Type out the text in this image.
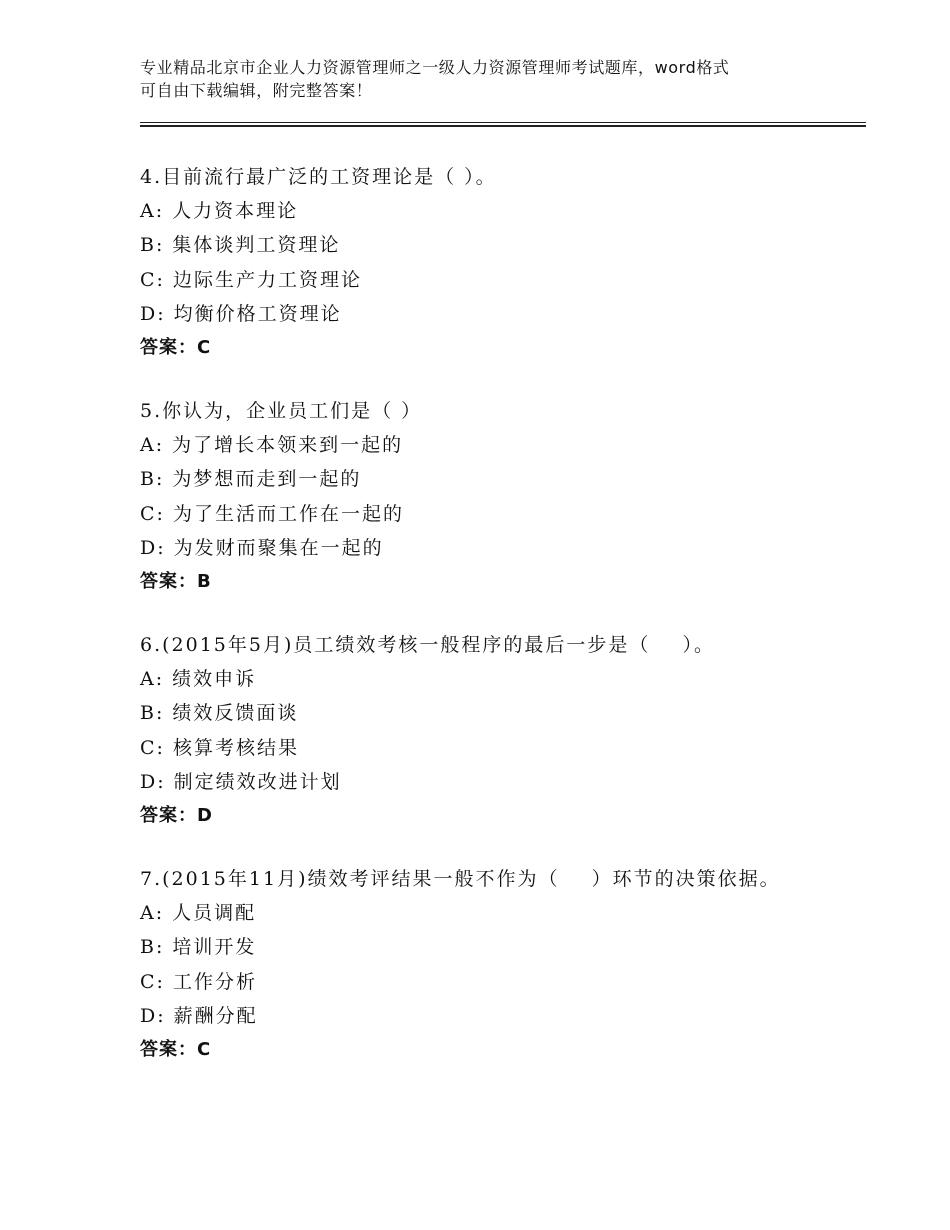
专业精品北京市企业人力资源管理师之一级人力资源管理师考试题库，word格式
可自由下载编辑，附完整答案！
4.目前流行最广泛的工资理论是（ ）。
A: 人力资本理论
B: 集体谈判工资理论
C: 边际生产力工资理论
D: 均衡价格工资理论
答案：C
5.你认为，企业员工们是（ ）
A: 为了增长本领来到一起的
B: 为梦想而走到一起的
C: 为了生活而工作在一起的
D: 为发财而聚集在一起的
答案：B
6.(2015年5月)员工绩效考核一般程序的最后一步是（    ）。
A: 绩效申诉
B: 绩效反馈面谈
C: 核算考核结果
D: 制定绩效改进计划
答案：D
7.(2015年11月)绩效考评结果一般不作为（    ）环节的决策依据。
A: 人员调配
B: 培训开发
C: 工作分析
D: 薪酬分配
答案：C
